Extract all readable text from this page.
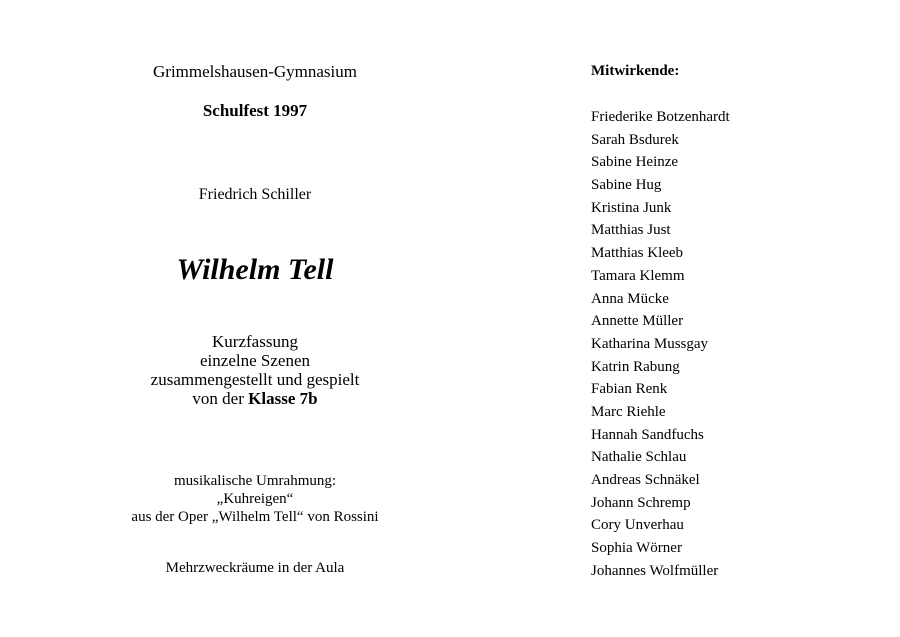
Grimmelshausen-Gymnasium
Schulfest 1997
Friedrich Schiller
Wilhelm Tell
Kurzfassung
einzelne Szenen
zusammengestellt und gespielt
von der Klasse 7b
musikalische Umrahmung:
„Kuhreigen“
aus der Oper „Wilhelm Tell“ von Rossini
Mehrzweckräume in der Aula
Mitwirkende:
Friederike Botzenhardt
Sarah Bsdurek
Sabine Heinze
Sabine Hug
Kristina Junk
Matthias Just
Matthias Kleeb
Tamara Klemm
Anna Mücke
Annette Müller
Katharina Mussgay
Katrin Rabung
Fabian Renk
Marc Riehle
Hannah Sandfuchs
Nathalie Schlau
Andreas Schnäkel
Johann Schremp
Cory Unverhau
Sophia Wörner
Johannes Wolfmüller
